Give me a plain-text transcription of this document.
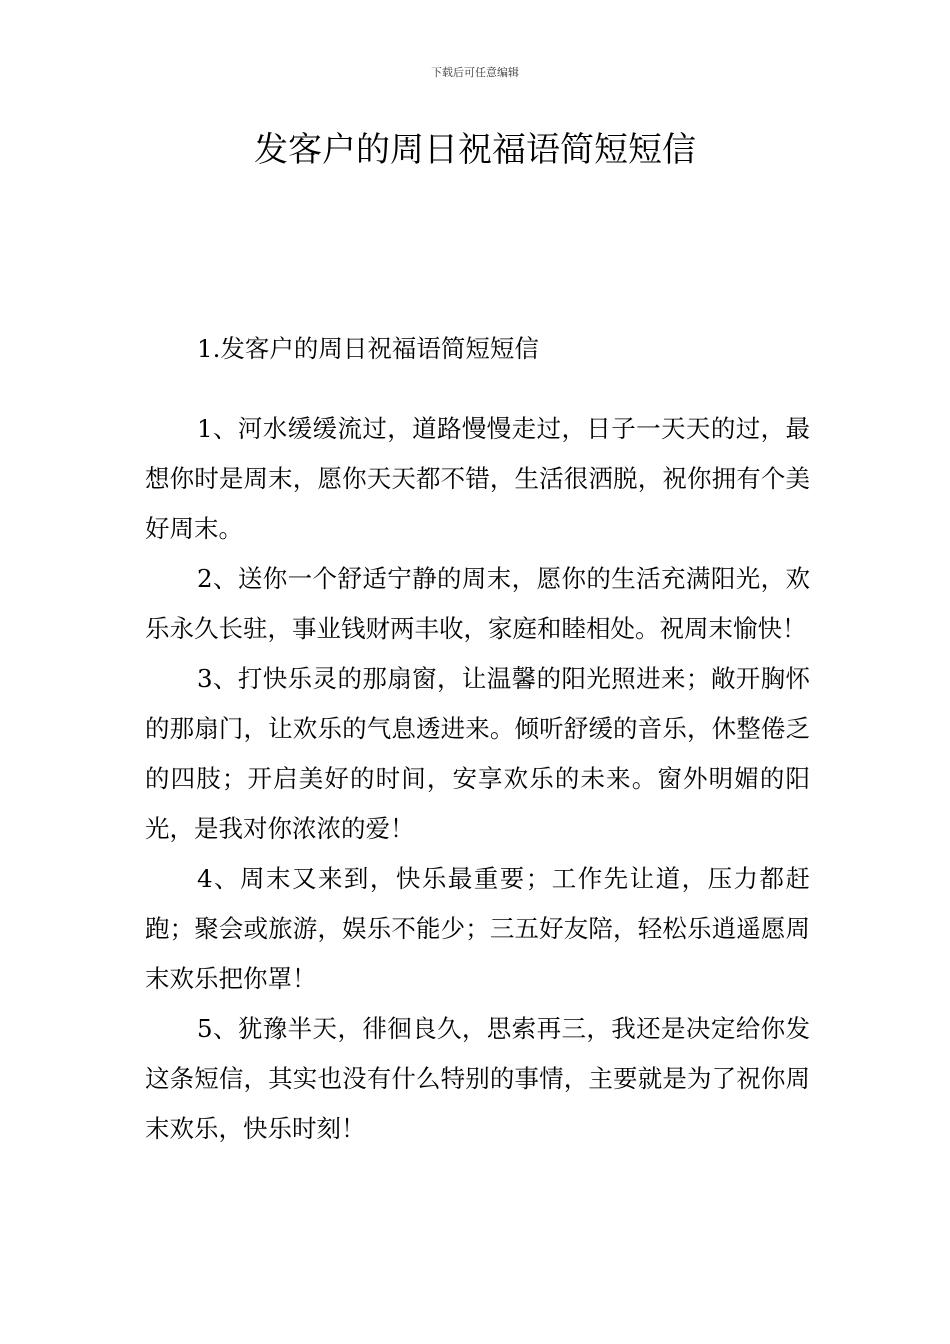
下载后可任意编辑
发客户的周日祝福语简短短信

1.发客户的周日祝福语简短短信

1、河水缓缓流过，道路慢慢走过，日子一天天的过，最想你时是周末，愿你天天都不错，生活很洒脱，祝你拥有个美好周末。

2、送你一个舒适宁静的周末，愿你的生活充满阳光，欢乐永久长驻，事业钱财两丰收，家庭和睦相处。祝周末愉快！

3、打快乐灵的那扇窗，让温馨的阳光照进来；敞开胸怀的那扇门，让欢乐的气息透进来。倾听舒缓的音乐，休整倦乏的四肢；开启美好的时间，安享欢乐的未来。窗外明媚的阳光，是我对你浓浓的爱！

4、周末又来到，快乐最重要；工作先让道，压力都赶跑；聚会或旅游，娱乐不能少；三五好友陪，轻松乐逍遥愿周末欢乐把你罩！

5、犹豫半天，徘徊良久，思索再三，我还是决定给你发这条短信，其实也没有什么特别的事情，主要就是为了祝你周末欢乐，快乐时刻！
